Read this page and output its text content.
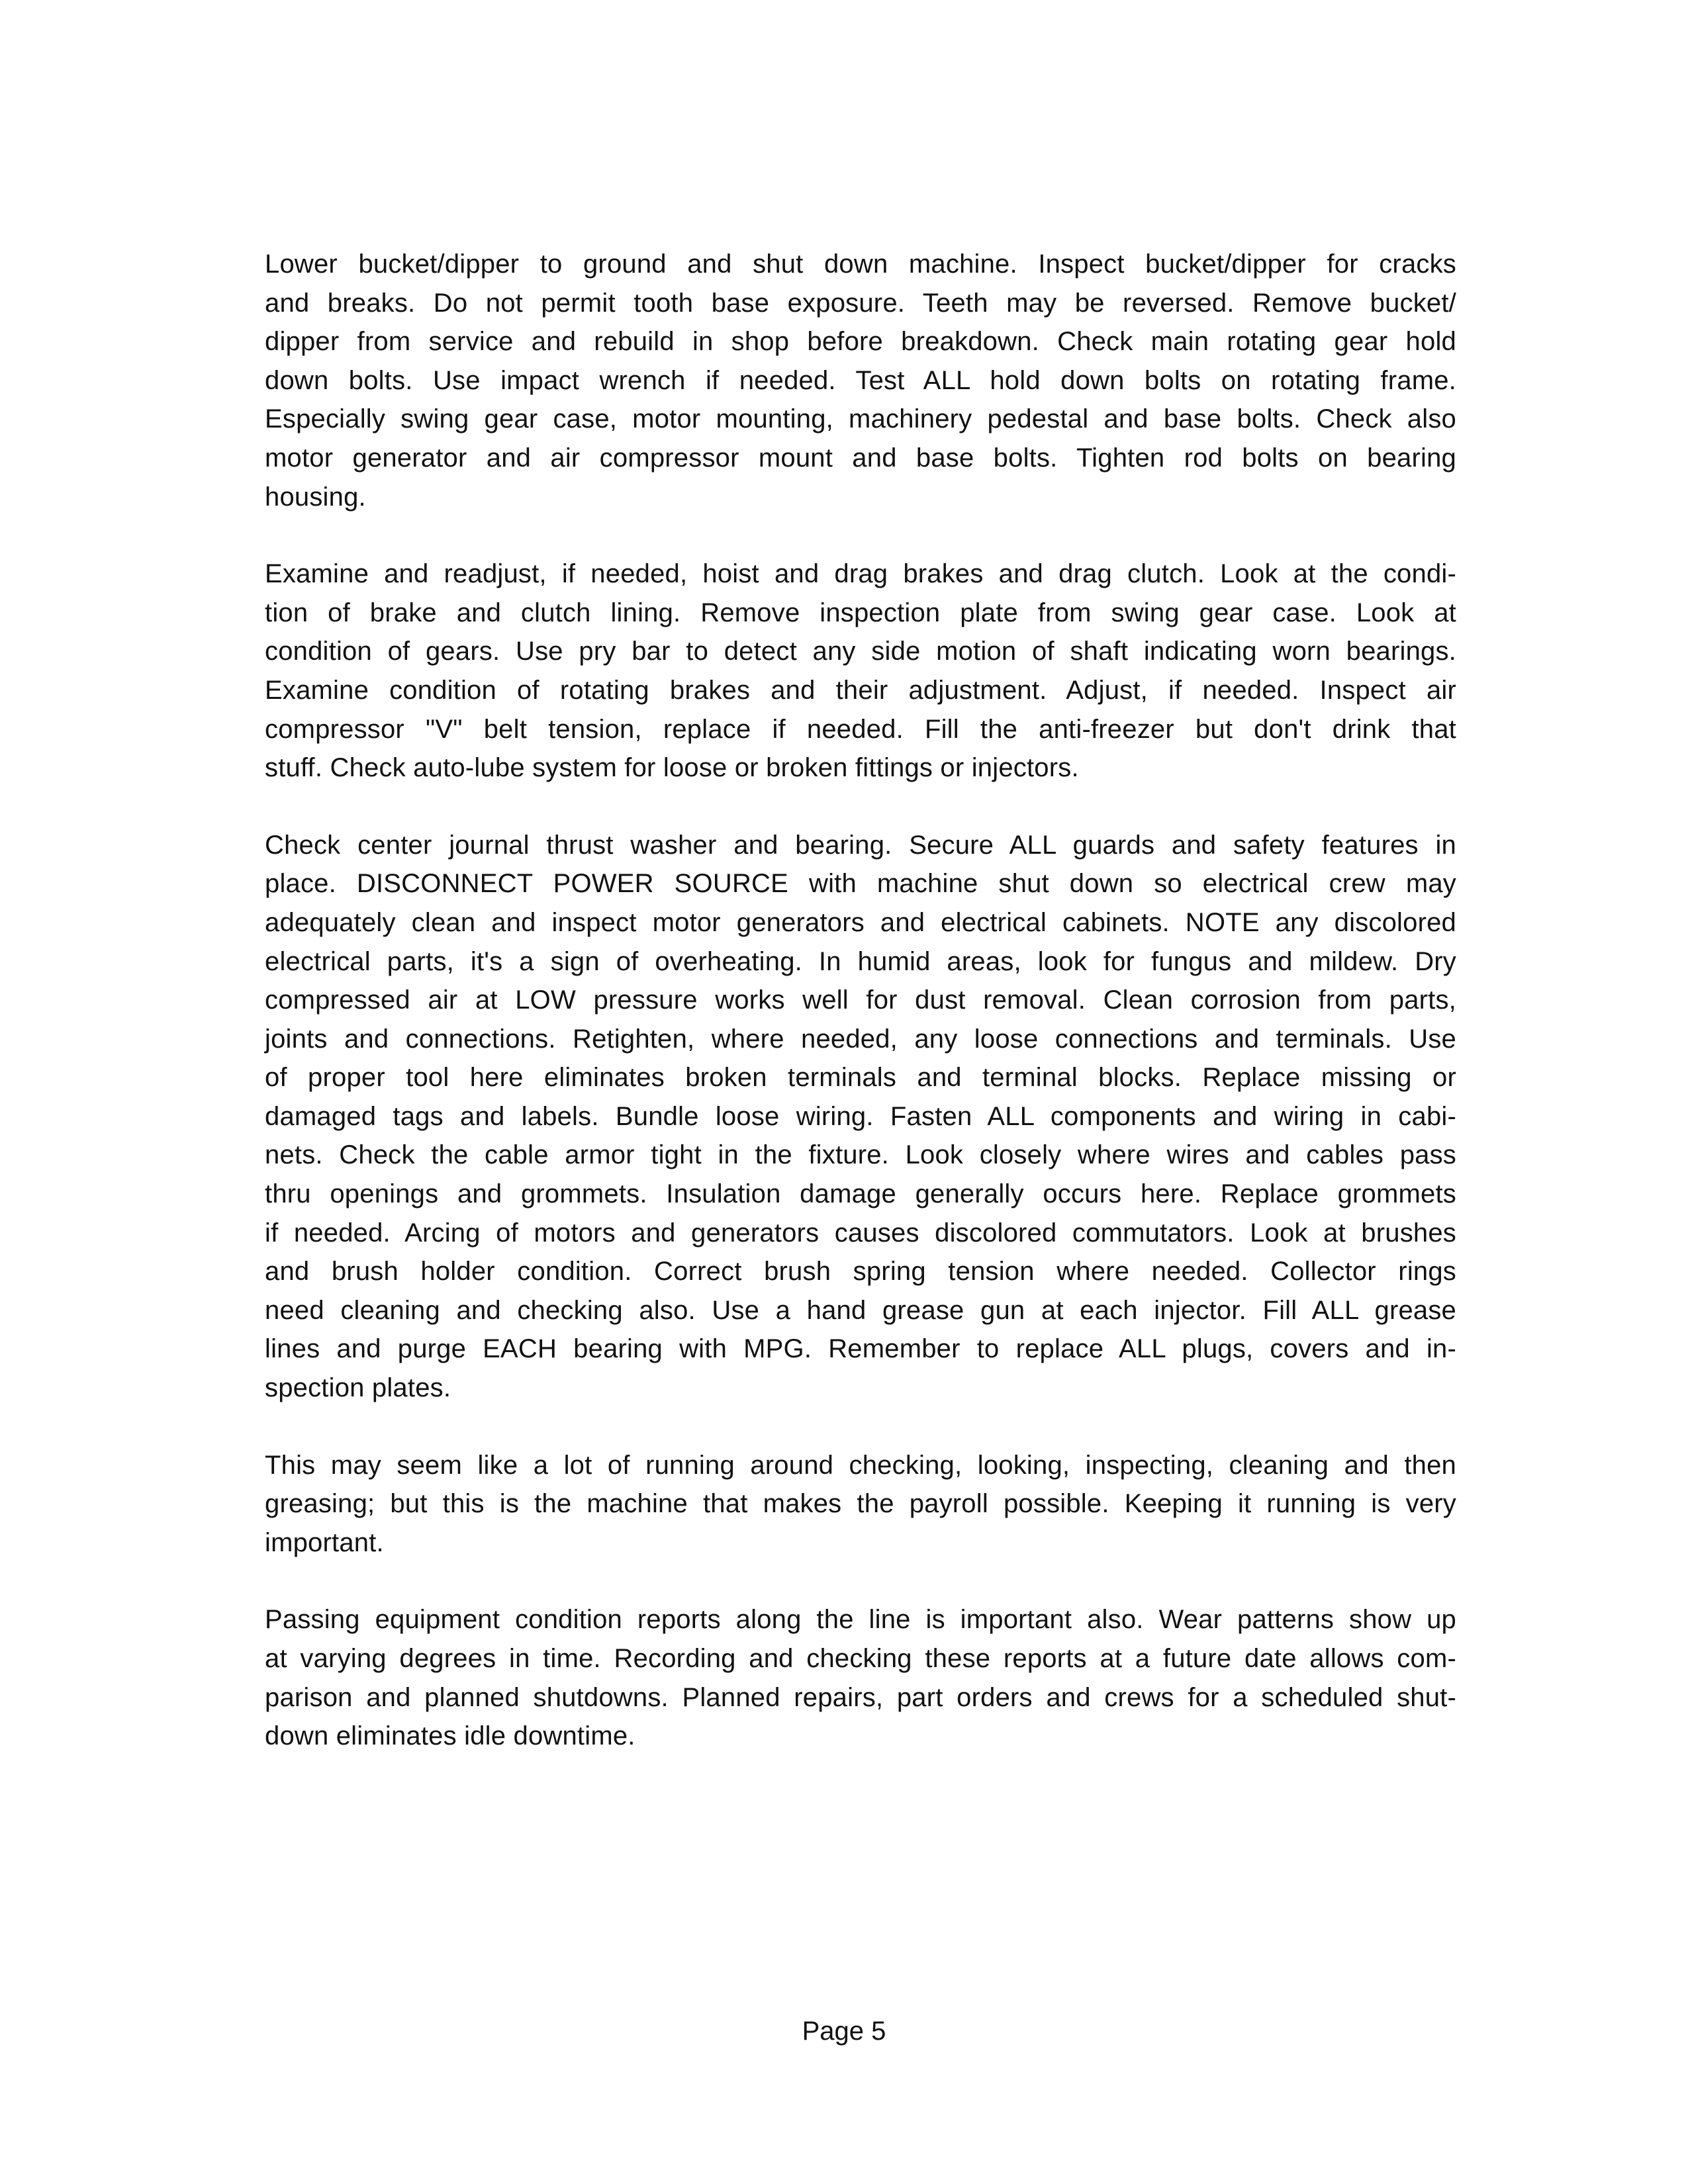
Lower bucket/dipper to ground and shut down machine. Inspect bucket/dipper for cracks
and breaks. Do not permit tooth base exposure. Teeth may be reversed. Remove bucket/
dipper from service and rebuild in shop before breakdown. Check main rotating gear hold
down bolts. Use impact wrench if needed. Test ALL hold down bolts on rotating frame.
Especially swing gear case, motor mounting, machinery pedestal and base bolts. Check also
motor generator and air compressor mount and base bolts. Tighten rod bolts on bearing
housing.
Examine and readjust, if needed, hoist and drag brakes and drag clutch. Look at the condi-
tion of brake and clutch lining. Remove inspection plate from swing gear case. Look at
condition of gears. Use pry bar to detect any side motion of shaft indicating worn bearings.
Examine condition of rotating brakes and their adjustment. Adjust, if needed. Inspect air
compressor "V" belt tension, replace if needed. Fill the anti-freezer but don't drink that
stuff. Check auto-lube system for loose or broken fittings or injectors.
Check center journal thrust washer and bearing. Secure ALL guards and safety features in
place. DISCONNECT POWER SOURCE with machine shut down so electrical crew may
adequately clean and inspect motor generators and electrical cabinets. NOTE any discolored
electrical parts, it's a sign of overheating. In humid areas, look for fungus and mildew. Dry
compressed air at LOW pressure works well for dust removal. Clean corrosion from parts,
joints and connections. Retighten, where needed, any loose connections and terminals. Use
of proper tool here eliminates broken terminals and terminal blocks. Replace missing or
damaged tags and labels. Bundle loose wiring. Fasten ALL components and wiring in cabi-
nets. Check the cable armor tight in the fixture. Look closely where wires and cables pass
thru openings and grommets. Insulation damage generally occurs here. Replace grommets
if needed. Arcing of motors and generators causes discolored commutators. Look at brushes
and brush holder condition. Correct brush spring tension where needed. Collector rings
need cleaning and checking also. Use a hand grease gun at each injector. Fill ALL grease
lines and purge EACH bearing with MPG. Remember to replace ALL plugs, covers and in-
spection plates.
This may seem like a lot of running around checking, looking, inspecting, cleaning and then
greasing; but this is the machine that makes the payroll possible. Keeping it running is very
important.
Passing equipment condition reports along the line is important also. Wear patterns show up
at varying degrees in time. Recording and checking these reports at a future date allows com-
parison and planned shutdowns. Planned repairs, part orders and crews for a scheduled shut-
down eliminates idle downtime.
Page 5
